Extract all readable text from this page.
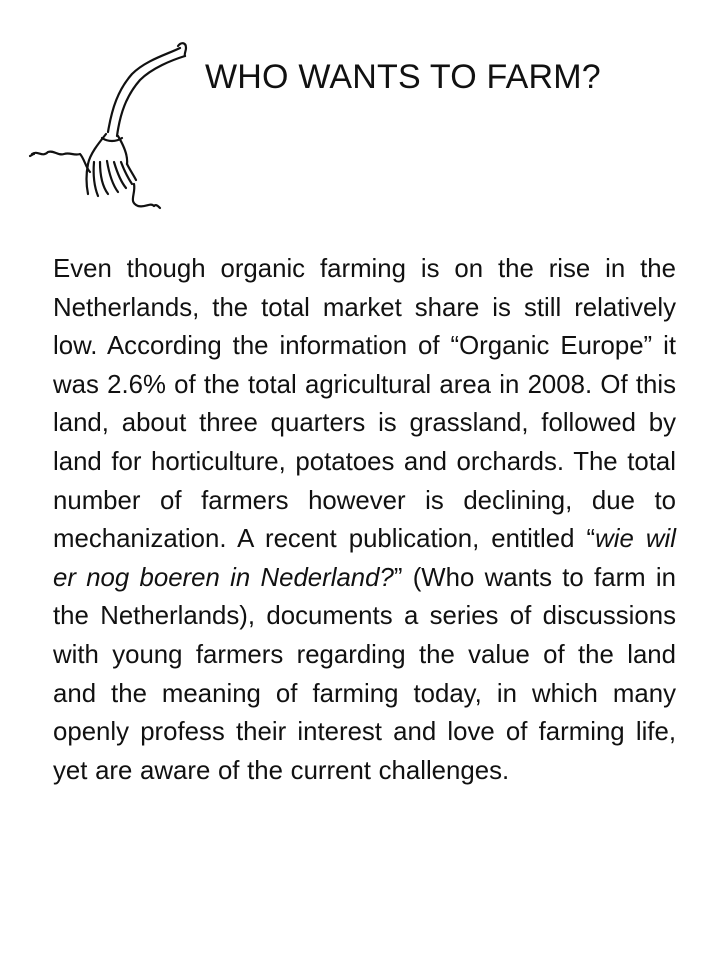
WHO WANTS TO FARM?

Even though organic farming is on the rise in the Netherlands, the total market share is still relatively low. According the information of “Organic Europe” it was 2.6% of the total agricultural area in 2008. Of this land, about three quarters is grassland, followed by land for horticulture, potatoes and orchards. The total number of farmers however is declining, due to mechanization. A recent publication, entitled “wie wil er nog boeren in Nederland?” (Who wants to farm in the Netherlands), documents a series of discussions with young farmers regarding the value of the land and the meaning of farming today, in which many openly profess their interest and love of farming life, yet are aware of the current challenges.
